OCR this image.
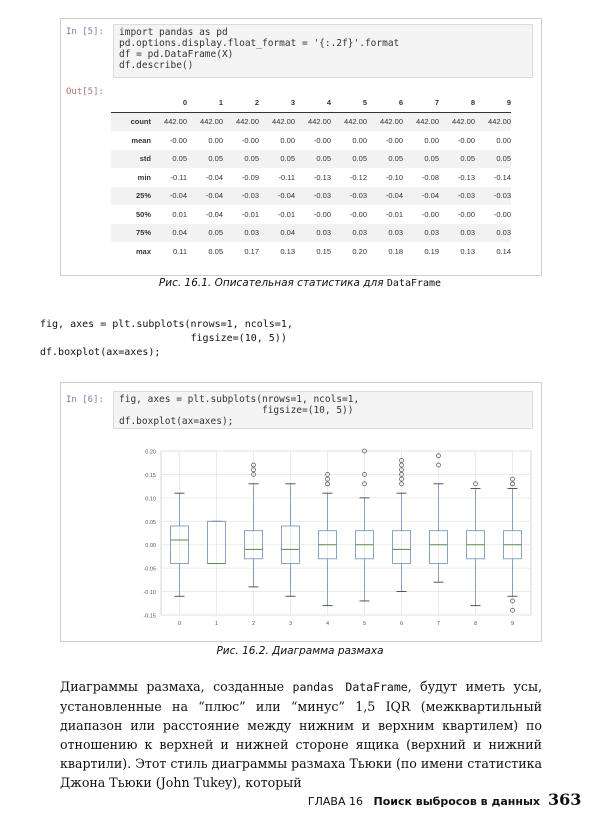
In [5]: import pandas as pd
pd.options.display.float_format = '{:.2f}'.format
df = pd.DataFrame(X)
df.describe()
Out[5]:
	0	1	2	3	4	5	6	7	8	9
count	442.00	442.00	442.00	442.00	442.00	442.00	442.00	442.00	442.00	442.00
mean	-0.00	0.00	-0.00	0.00	-0.00	0.00	-0.00	0.00	-0.00	0.00
std	0.05	0.05	0.05	0.05	0.05	0.05	0.05	0.05	0.05	0.05
min	-0.11	-0.04	-0.09	-0.11	-0.13	-0.12	-0.10	-0.08	-0.13	-0.14
25%	-0.04	-0.04	-0.03	-0.04	-0.03	-0.03	-0.04	-0.04	-0.03	-0.03
50%	0.01	-0.04	-0.01	-0.01	-0.00	-0.00	-0.01	-0.00	-0.00	-0.00
75%	0.04	0.05	0.03	0.04	0.03	0.03	0.03	0.03	0.03	0.03
max	0.11	0.05	0.17	0.13	0.15	0.20	0.18	0.19	0.13	0.14
Рис. 16.1. Описательная статистика для DataFrame
fig, axes = plt.subplots(nrows=1, ncols=1,
figsize=(10, 5))
df.boxplot(ax=axes);
In [6]: fig, axes = plt.subplots(nrows=1, ncols=1,
figsize=(10, 5))
df.boxplot(ax=axes);
0.20
0.15
0.10
0.05
0.00
-0.05
-0.10
-0.15
0	1	2	3	4	5	6	7	8	9
Рис. 16.2. Диаграмма размаха
Диаграммы размаха, созданные pandas DataFrame, будут иметь усы, установленные на “плюс” или “минус” 1,5 IQR (межквартильный диапазон или расстояние между нижним и верхним квартилем) по отношению к верхней и нижней стороне ящика (верхний и нижний квартили). Этот стиль диаграммы размаха Тьюки (по имени статистика Джона Тьюки (John Tukey), который
ГЛАВА 16 Поиск выбросов в данных 363
